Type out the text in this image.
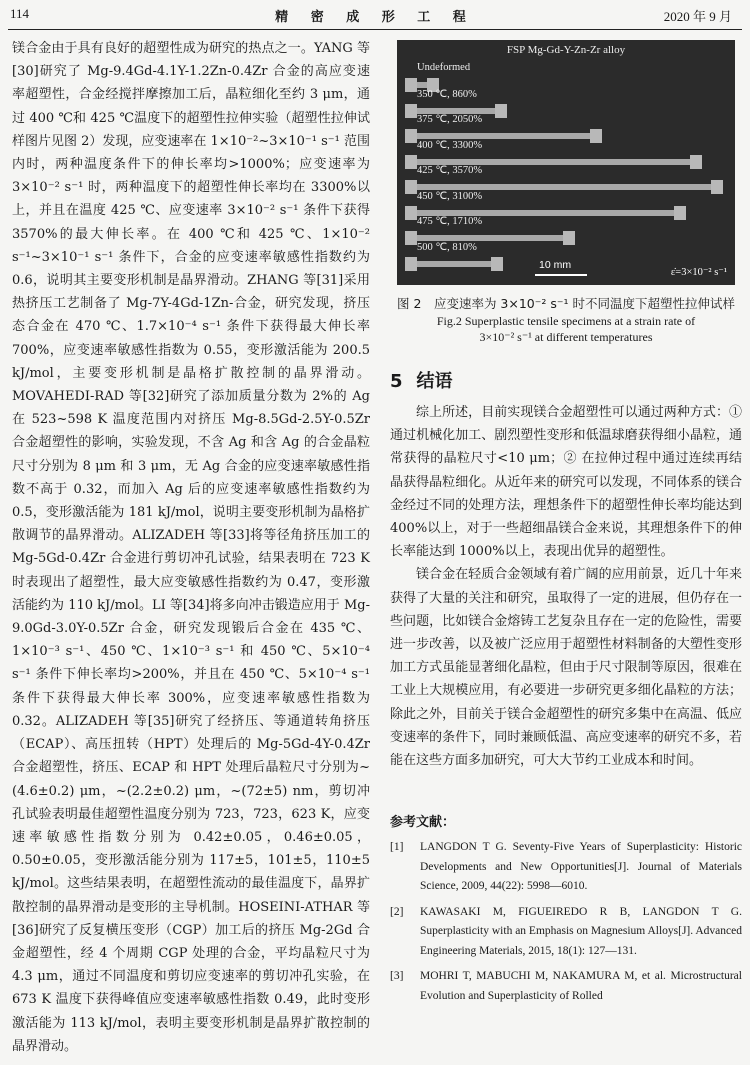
114	精 密 成 形 工 程	2020 年 9 月

镁合金由于具有良好的超塑性成为研究的热点之一。YANG 等[30]研究了 Mg-9.4Gd-4.1Y-1.2Zn-0.4Zr 合金的高应变速率超塑性，合金经搅拌摩擦加工后，晶粒细化至约 3 μm，通过 400 ℃和 425 ℃温度下的超塑性拉伸实验（超塑性拉伸试样图片见图 2）发现，应变速率在 1×10⁻²~3×10⁻¹ s⁻¹ 范围内时，两种温度条件下的伸长率均>1000%；应变速率为 3×10⁻² s⁻¹ 时，两种温度下的超塑性伸长率均在 3300%以上，并且在温度 425 ℃、应变速率 3×10⁻² s⁻¹ 条件下获得 3570%的最大伸长率。在 400 ℃和 425 ℃、1×10⁻² s⁻¹~3×10⁻¹ s⁻¹ 条件下，合金的应变速率敏感性指数约为 0.6，说明其主要变形机制是晶界滑动。ZHANG 等[31]采用热挤压工艺制备了 Mg-7Y-4Gd-1Zn-合金，研究发现，挤压态合金在 470 ℃、1.7×10⁻⁴ s⁻¹ 条件下获得最大伸长率 700%，应变速率敏感性指数为 0.55，变形激活能为 200.5 kJ/mol，主要变形机制是晶格扩散控制的晶界滑动。MOVAHEDI-RAD 等[32]研究了添加质量分数为 2%的 Ag 在 523~598 K 温度范围内对挤压 Mg-8.5Gd-2.5Y-0.5Zr 合金超塑性的影响，实验发现，不含 Ag 和含 Ag 的合金晶粒尺寸分别为 8 μm 和 3 μm，无 Ag 合金的应变速率敏感性指数不高于 0.32，而加入 Ag 后的应变速率敏感性指数约为 0.5，变形激活能为 181 kJ/mol，说明主要变形机制为晶格扩散调节的晶界滑动。ALIZADEH 等[33]将等径角挤压加工的 Mg-5Gd-0.4Zr 合金进行剪切冲孔试验，结果表明在 723 K 时表现出了超塑性，最大应变敏感性指数约为 0.47，变形激活能约为 110 kJ/mol。LI 等[34]将多向冲击锻造应用于 Mg-9.0Gd-3.0Y-0.5Zr 合金，研究发现锻后合金在 435 ℃、1×10⁻³ s⁻¹、450 ℃、1×10⁻³ s⁻¹ 和 450 ℃、5×10⁻⁴ s⁻¹ 条件下伸长率均>200%，并且在 450 ℃、5×10⁻⁴ s⁻¹ 条件下获得最大伸长率 300%，应变速率敏感性指数为 0.32。ALIZADEH 等[35]研究了经挤压、等通道转角挤压（ECAP）、高压扭转（HPT）处理后的 Mg-5Gd-4Y-0.4Zr 合金超塑性，挤压、ECAP 和 HPT 处理后晶粒尺寸分别为~(4.6±0.2) μm，~(2.2±0.2) μm，~(72±5) nm，剪切冲孔试验表明最佳超塑性温度分别为 723，723，623 K，应变速率敏感性指数分别为 0.42±0.05，0.46±0.05，0.50±0.05，变形激活能分别为 117±5，101±5，110±5 kJ/mol。这些结果表明，在超塑性流动的最佳温度下，晶界扩散控制的晶界滑动是变形的主导机制。HOSEINI-ATHAR 等[36]研究了反复横压变形（CGP）加工后的挤压 Mg-2Gd 合金超塑性，经 4 个周期 CGP 处理的合金，平均晶粒尺寸为 4.3 μm，通过不同温度和剪切应变速率的剪切冲孔实验，在 673 K 温度下获得峰值应变速率敏感性指数 0.49，此时变形激活能为 113 kJ/mol，表明主要变形机制是晶界扩散控制的晶界滑动。

FSP Mg-Gd-Y-Zn-Zr alloy
10 mm
ε̇=3×10⁻² s⁻¹
Undeformed
350 ℃, 860%
375 ℃, 2050%
400 ℃, 3300%
425 ℃, 3570%
450 ℃, 3100%
475 ℃, 1710%
500 ℃, 810%
图 2　应变速率为 3×10⁻² s⁻¹ 时不同温度下超塑性拉伸试样
Fig.2 Superplastic tensile specimens at a strain rate of
3×10⁻² s⁻¹ at different temperatures
5 结语

综上所述，目前实现镁合金超塑性可以通过两种方式：① 通过机械化加工、剧烈塑性变形和低温球磨获得细小晶粒，通常获得的晶粒尺寸<10 μm；② 在拉伸过程中通过连续再结晶获得晶粒细化。从近年来的研究可以发现，不同体系的镁合金经过不同的处理方法，理想条件下的超塑性伸长率均能达到 400%以上，对于一些超细晶镁合金来说，其理想条件下的伸长率能达到 1000%以上，表现出优异的超塑性。

镁合金在轻质合金领域有着广阔的应用前景，近几十年来获得了大量的关注和研究，虽取得了一定的进展，但仍存在一些问题，比如镁合金熔铸工艺复杂且存在一定的危险性，需要进一步改善，以及被广泛应用于超塑性材料制备的大塑性变形加工方式虽能显著细化晶粒，但由于尺寸限制等原因，很难在工业上大规模应用，有必要进一步研究更多细化晶粒的方法；除此之外，目前关于镁合金超塑性的研究多集中在高温、低应变速率的条件下，同时兼顾低温、高应变速率的研究不多，若能在这些方面多加研究，可大大节约工业成本和时间。

参考文献：
[1]	LANGDON T G. Seventy-Five Years of Superplasticity: Historic Developments and New Opportunities[J]. Journal of Materials Science, 2009, 44(22): 5998—6010.
[2]	KAWASAKI M, FIGUEIREDO R B, LANGDON T G. Superplasticity with an Emphasis on Magnesium Alloys[J]. Advanced Engineering Materials, 2015, 18(1): 127—131.
[3]	MOHRI T, MABUCHI M, NAKAMURA M, et al. Microstructural Evolution and Superplasticity of Rolled
